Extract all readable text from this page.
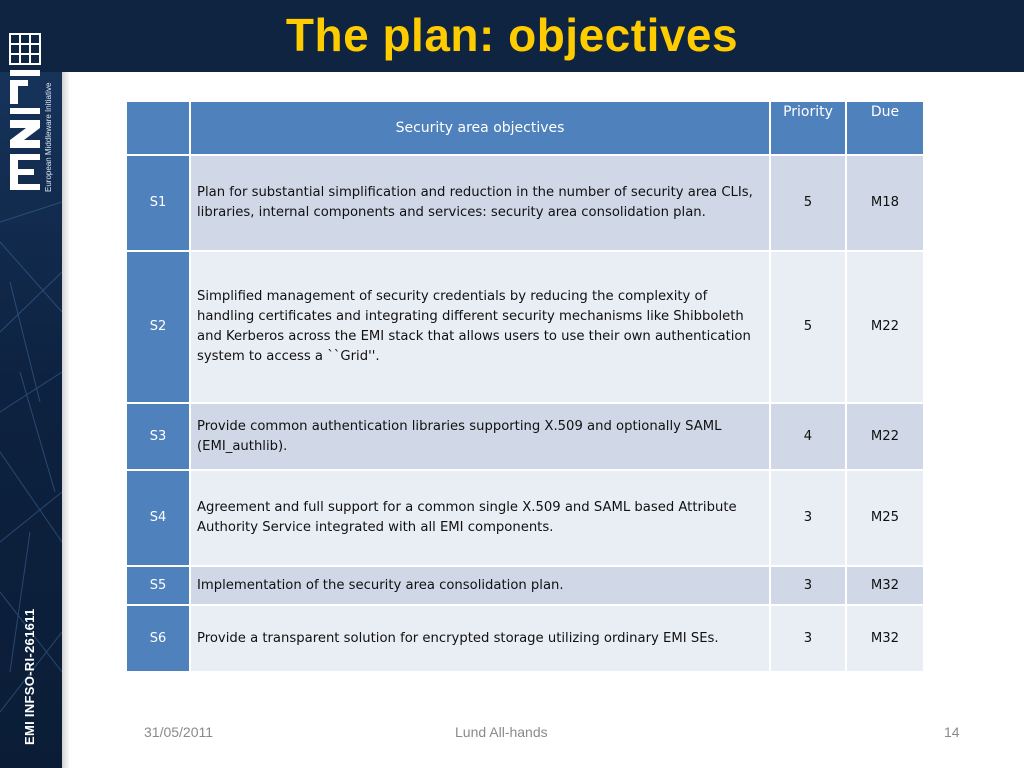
The plan: objectives
European Middleware Initiative
EMI INFSO-RI-261611
	Security area objectives	Priority	Due
S1	Plan for substantial simplification and reduction in the number of security area CLIs, libraries, internal components and services: security area consolidation plan.	5	M18
S2	Simplified management of security credentials by reducing the complexity of handling certificates and integrating different security mechanisms like Shibboleth and Kerberos across the EMI stack that allows users to use their own authentication system to access a ``Grid''.	5	M22
S3	Provide common authentication libraries supporting X.509 and optionally SAML (EMI_authlib).	4	M22
S4	Agreement and full support for a common single X.509 and SAML based Attribute Authority Service integrated with all EMI components.	3	M25
S5	Implementation of the security area consolidation plan.	3	M32
S6	Provide a transparent solution for encrypted storage utilizing ordinary EMI SEs.	3	M32
31/05/2011	Lund All-hands	14
